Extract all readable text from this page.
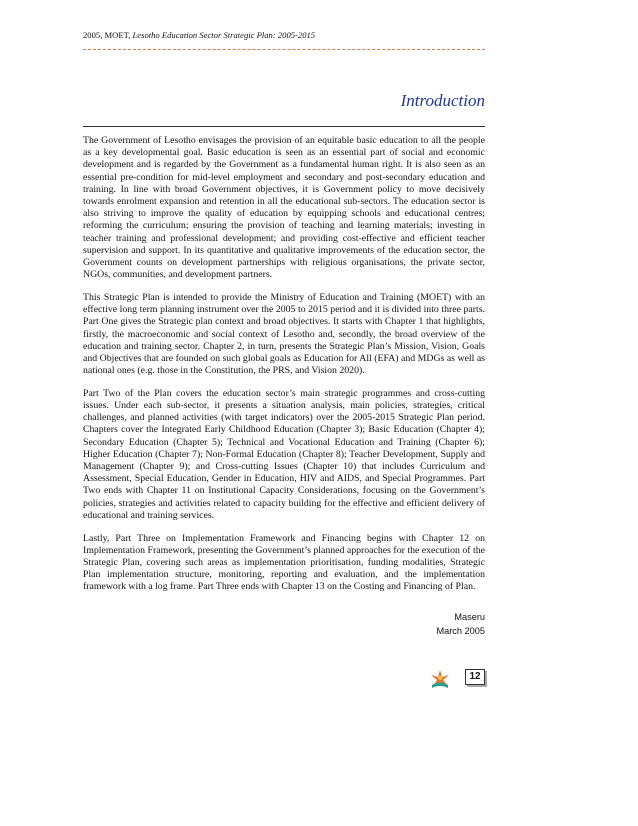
2005, MOET, Lesotho Education Sector Strategic Plan: 2005-2015
Introduction

The Government of Lesotho envisages the provision of an equitable basic education to all the people as a key developmental goal. Basic education is seen as an essential part of social and economic development and is regarded by the Government as a fundamental human right. It is also seen as an essential pre-condition for mid-level employment and secondary and post-secondary education and training. In line with broad Government objectives, it is Government policy to move decisively towards enrolment expansion and retention in all the educational sub-sectors. The education sector is also striving to improve the quality of education by equipping schools and educational centres; reforming the curriculum; ensuring the provision of teaching and learning materials; investing in teacher training and professional development; and providing cost-effective and efficient teacher supervision and support. In its quantitative and qualitative improvements of the education sector, the Government counts on development partnerships with religious organisations, the private sector, NGOs, communities, and development partners.

This Strategic Plan is intended to provide the Ministry of Education and Training (MOET) with an effective long term planning instrument over the 2005 to 2015 period and it is divided into three parts. Part One gives the Strategic plan context and broad objectives. It starts with Chapter 1 that highlights, firstly, the macroeconomic and social context of Lesotho and, secondly, the broad overview of the education and training sector. Chapter 2, in turn, presents the Strategic Plan’s Mission, Vision, Goals and Objectives that are founded on such global goals as Education for All (EFA) and MDGs as well as national ones (e.g. those in the Constitution, the PRS, and Vision 2020).

Part Two of the Plan covers the education sector’s main strategic programmes and cross-cutting issues. Under each sub-sector, it presents a situation analysis, main policies, strategies, critical challenges, and planned activities (with target indicators) over the 2005-2015 Strategic Plan period. Chapters cover the Integrated Early Childhood Education (Chapter 3); Basic Education (Chapter 4); Secondary Education (Chapter 5); Technical and Vocational Education and Training (Chapter 6); Higher Education (Chapter 7); Non-Formal Education (Chapter 8); Teacher Development, Supply and Management (Chapter 9); and Cross-cutting Issues (Chapter 10) that includes Curriculum and Assessment, Special Education, Gender in Education, HIV and AIDS, and Special Programmes. Part Two ends with Chapter 11 on Institutional Capacity Considerations, focusing on the Government’s policies, strategies and activities related to capacity building for the effective and efficient delivery of educational and training services.

Lastly, Part Three on Implementation Framework and Financing begins with Chapter 12 on Implementation Framework, presenting the Government’s planned approaches for the execution of the Strategic Plan, covering such areas as implementation prioritisation, funding modalities, Strategic Plan implementation structure, monitoring, reporting and evaluation, and the implementation framework with a log frame. Part Three ends with Chapter 13 on the Costing and Financing of Plan.

Maseru
March 2005
12
